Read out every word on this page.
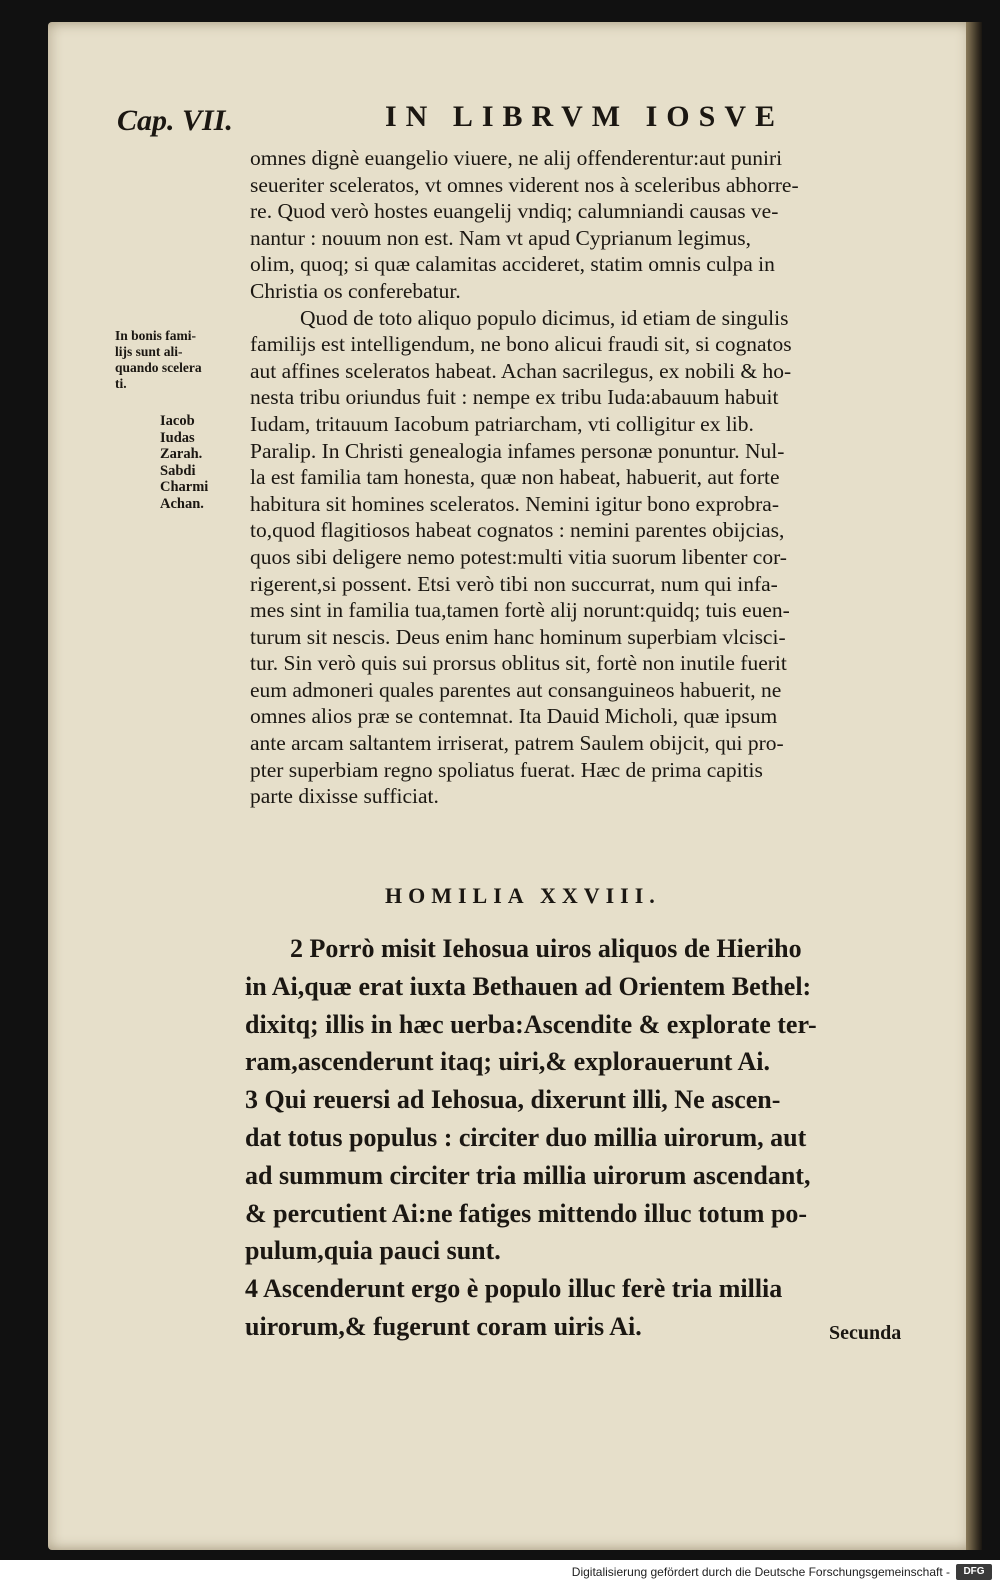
Cap. VII.	IN LIBRVM IOSVE
omnes dignè euangelio viuere, ne alij offenderentur:aut puniri
seueriter sceleratos, vt omnes viderent nos à sceleribus abhorre-
re. Quod verò hostes euangelij vndiq; calumniandi causas ve-
nantur : nouum non est. Nam vt apud Cyprianum legimus,
olim, quoq; si quæ calamitas accideret, statim omnis culpa in
Christia os conferebatur.
Quod de toto aliquo populo dicimus, id etiam de singulis
familijs est intelligendum, ne bono alicui fraudi sit, si cognatos
aut affines sceleratos habeat. Achan sacrilegus, ex nobili & ho-
nesta tribu oriundus fuit : nempe ex tribu Iuda:abauum habuit
Iudam, tritauum Iacobum patriarcham, vti colligitur ex lib.
Paralip. In Christi genealogia infames personæ ponuntur. Nul-
la est familia tam honesta, quæ non habeat, habuerit, aut forte
habitura sit homines sceleratos. Nemini igitur bono exprobra-
to,quod flagitiosos habeat cognatos : nemini parentes obijcias,
quos sibi deligere nemo potest:multi vitia suorum libenter cor-
rigerent,si possent. Etsi verò tibi non succurrat, num qui infa-
mes sint in familia tua,tamen fortè alij norunt:quidq; tuis euen-
turum sit nescis. Deus enim hanc hominum superbiam vlcisci-
tur. Sin verò quis sui prorsus oblitus sit, fortè non inutile fuerit
eum admoneri quales parentes aut consanguineos habuerit, ne
omnes alios præ se contemnat. Ita Dauid Micholi, quæ ipsum
ante arcam saltantem irriserat, patrem Saulem obijcit, qui pro-
pter superbiam regno spoliatus fuerat. Hæc de prima capitis
parte dixisse sufficiat.
In bonis fami-
lijs sunt ali-
quando scelera
ti.
Iacob
Iudas
Zarah.
Sabdi
Charmi
Achan.
HOMILIA XXVIII.
2 Porrò misit Iehosua uiros aliquos de Hieriho
in Ai,quæ erat iuxta Bethauen ad Orientem Bethel:
dixitq; illis in hæc uerba:Ascendite & explorate ter-
ram,ascenderunt itaq; uiri,& explorauerunt Ai.
3 Qui reuersi ad Iehosua, dixerunt illi, Ne ascen-
dat totus populus : circiter duo millia uirorum, aut
ad summum circiter tria millia uirorum ascendant,
& percutient Ai:ne fatiges mittendo illuc totum po-
pulum,quia pauci sunt.
4 Ascenderunt ergo è populo illuc ferè tria millia
uirorum,& fugerunt coram uiris Ai.	Secunda
Digitalisierung gefördert durch die Deutsche Forschungsgemeinschaft -	DFG
